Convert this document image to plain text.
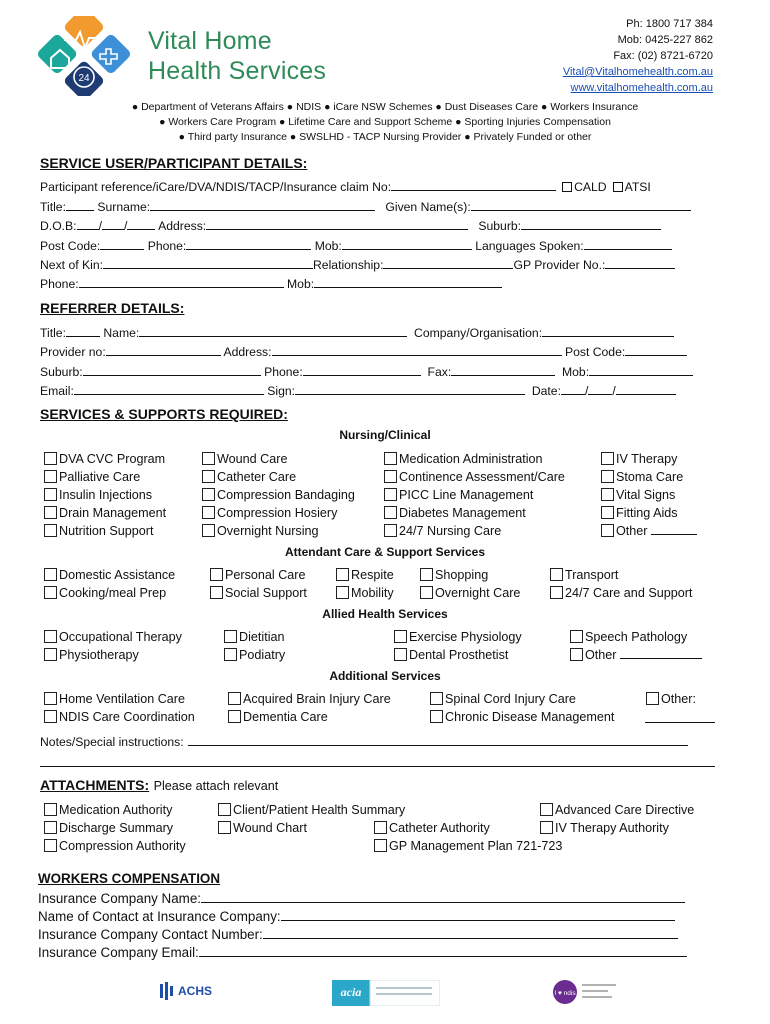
24
Vital Home
Health Services
Ph: 1800 717 384
Mob: 0425-227 862
Fax: (02) 8721-6720
Vital@Vitalhomehealth.com.au
www.vitalhomehealth.com.au
● Department of Veterans Affairs ● NDIS ● iCare NSW Schemes ● Dust Diseases Care ● Workers Insurance
● Workers Care Program ● Lifetime Care and Support Scheme ● Sporting Injuries Compensation
● Third party Insurance ● SWSLHD - TACP Nursing Provider ● Privately Funded or other
SERVICE USER/PARTICIPANT DETAILS:
Participant reference/iCare/DVA/NDIS/TACP/Insurance claim No:	CALD ATSI
Title:	Surname:	Given Name(s):
D.O.B: / /	Address:	Suburb:
Post Code:	Phone:	Mob:	Languages Spoken:
Next of Kin:	Relationship:	GP Provider No.:
Phone:	Mob:
REFERRER DETAILS:
Title:	Name:	Company/Organisation:
Provider no:	Address:	Post Code:
Suburb:	Phone:	Fax:	Mob:
Email:	Sign:	Date: / /
SERVICES & SUPPORTS REQUIRED:
Nursing/Clinical
Attendant Care & Support Services
Allied Health Services
Additional Services
Notes/Special instructions:
ATTACHMENTS: Please attach relevant
WORKERS COMPENSATION
Insurance Company Name:
Name of Contact at Insurance Company:
Insurance Company Contact Number:
Insurance Company Email:
ACHS	acia	I ♥ ndis
DVA CVC Program	Wound Care	Medication Administration	IV Therapy
Palliative Care	Catheter Care	Continence Assessment/Care	Stoma Care
Insulin Injections	Compression Bandaging	PICC Line Management	Vital Signs
Drain Management	Compression Hosiery	Diabetes Management	Fitting Aids
Nutrition Support	Overnight Nursing	24/7 Nursing Care	Other
Domestic Assistance	Personal Care	Respite	Shopping	Transport
Cooking/meal Prep	Social Support	Mobility	Overnight Care	24/7 Care and Support
Occupational Therapy	Dietitian	Exercise Physiology	Speech Pathology
Physiotherapy	Podiatry	Dental Prosthetist	Other
Home Ventilation Care	Acquired Brain Injury Care	Spinal Cord Injury Care	Other:
NDIS Care Coordination	Dementia Care	Chronic Disease Management
Medication Authority	Client/Patient Health Summary	Advanced Care Directive
Discharge Summary	Wound Chart	Catheter Authority	IV Therapy Authority
Compression Authority	GP Management Plan 721-723
